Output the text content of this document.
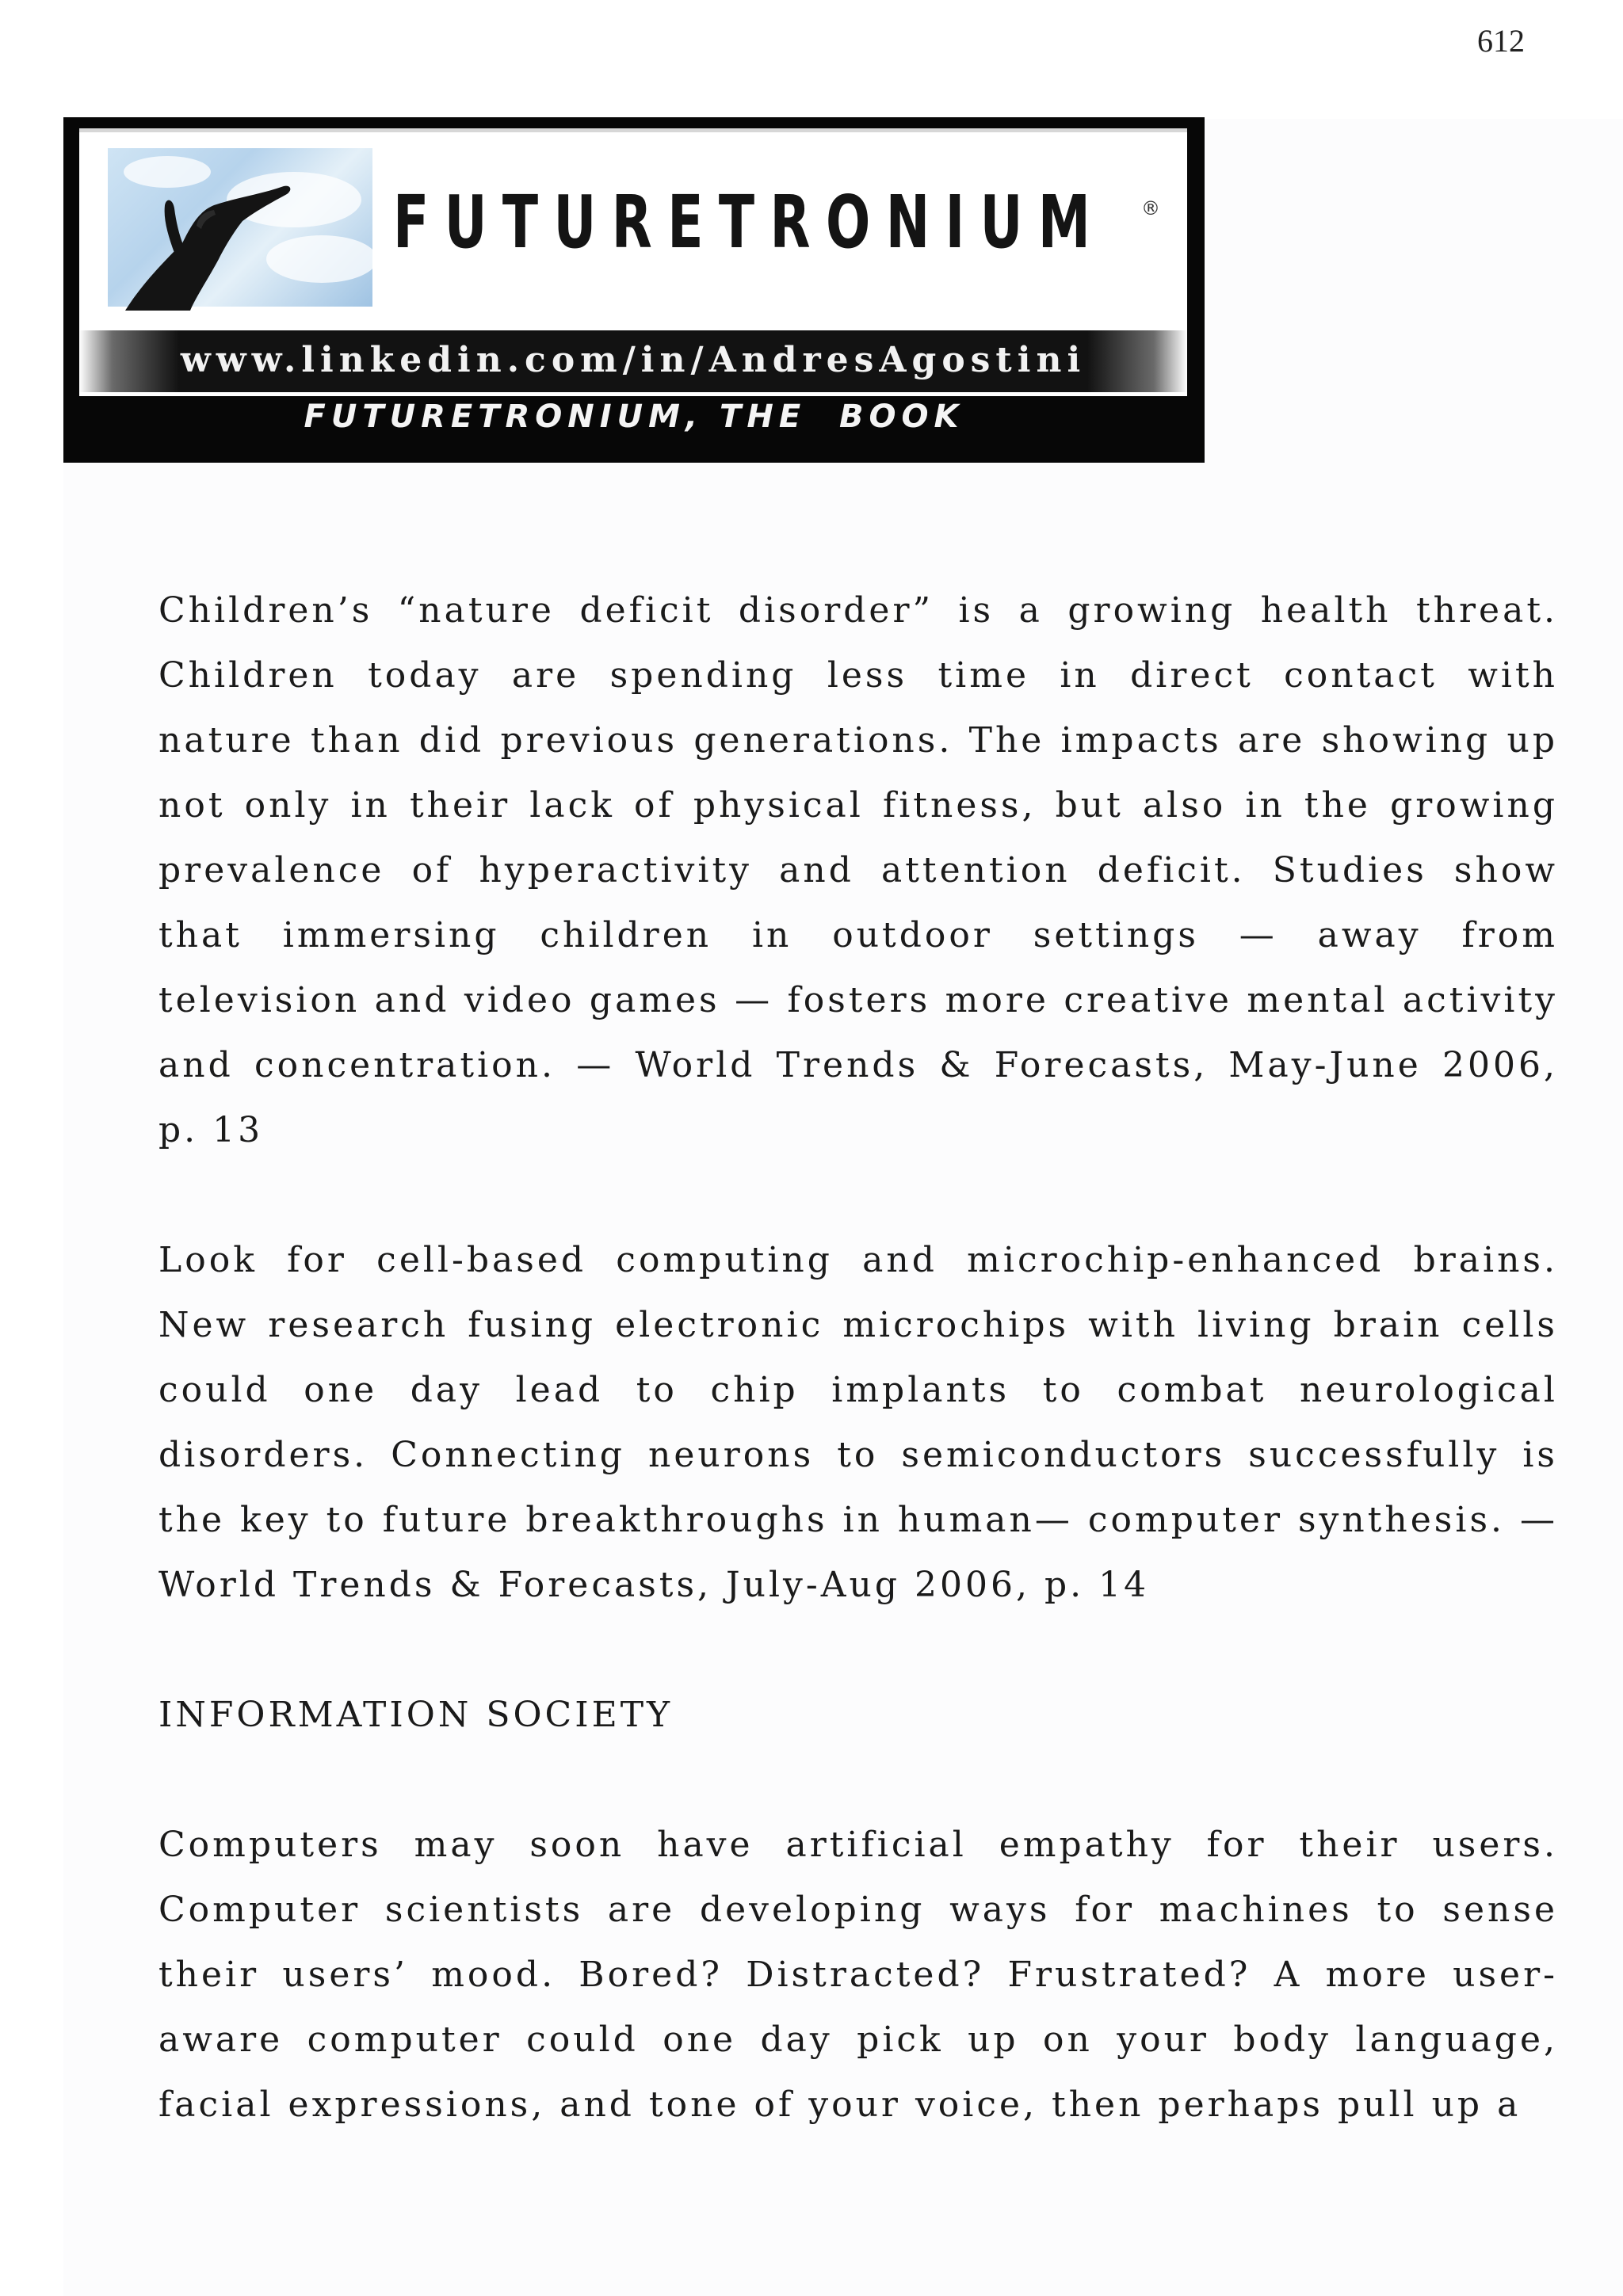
612
FUTURETRONIUM ®
www.linkedin.com/in/AndresAgostini
FUTURETRONIUM, THE  BOOK

Children’s “nature deficit disorder” is a growing health threat. Children today are spending less time in direct contact with nature than did previous generations. The impacts are showing up not only in their lack of physical fitness, but also in the growing prevalence of hyperactivity and attention deficit. Studies show that immersing children in outdoor settings — away from television and video games — fosters more creative mental activity and concentration. — World Trends & Forecasts, May-June 2006, p. 13

Look for cell-based computing and microchip-enhanced brains. New research fusing electronic microchips with living brain cells could one day lead to chip implants to combat neurological disorders. Connecting neurons to semiconductors successfully is the key to future breakthroughs in human— computer synthesis. — World Trends & Forecasts, July-Aug 2006, p. 14

INFORMATION SOCIETY

Computers may soon have artificial empathy for their users. Computer scientists are developing ways for machines to sense their users’ mood. Bored? Distracted? Frustrated? A more user-aware computer could one day pick up on your body language, facial expressions, and tone of your voice, then perhaps pull up a
